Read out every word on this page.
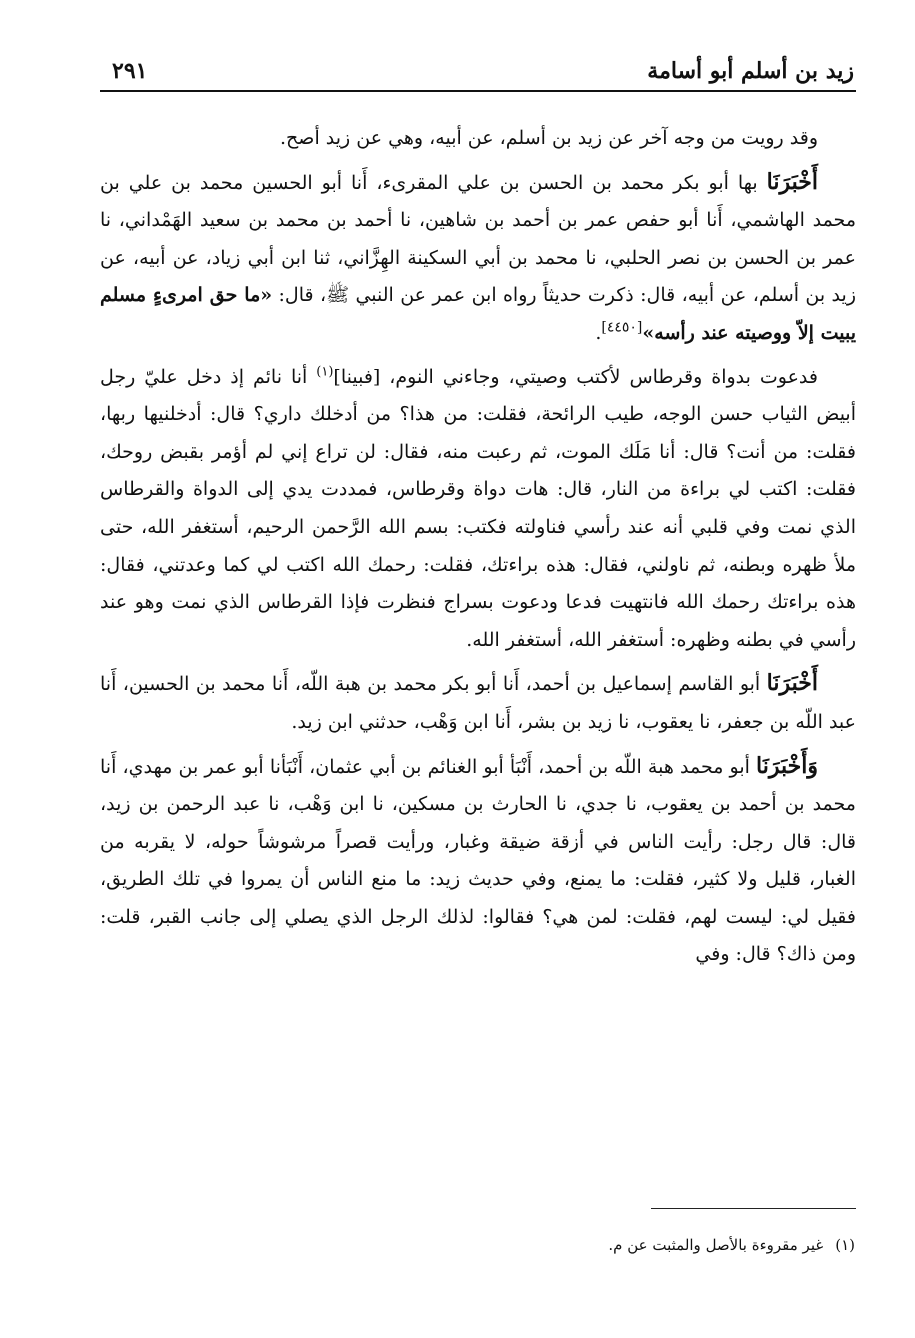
زيد بن أسلم أبو أسامة
٢٩١

وقد رويت من وجه آخر عن زيد بن أسلم، عن أبيه، وهي عن زيد أصح.

أَخْبَرَنَا بها أبو بكر محمد بن الحسن بن علي المقرىء، أَنا أبو الحسين محمد بن علي بن محمد الهاشمي، أَنا أبو حفص عمر بن أحمد بن شاهين، نا أحمد بن محمد بن سعيد الهَمْداني، نا عمر بن الحسن بن نصر الحلبي، نا محمد بن أبي السكينة الهِزَّاني، ثنا ابن أبي زياد، عن أبيه، عن زيد بن أسلم، عن أبيه، قال: ذكرت حديثاً رواه ابن عمر عن النبي ﷺ، قال: «ما حق امرىءٍ مسلم يبيت إلاّ ووصيته عند رأسه»[٤٤٥٠].

فدعوت بدواة وقرطاس لأكتب وصيتي، وجاءني النوم، [فبينا]$^{(١)}$ أنا نائم إذ دخل عليّ رجل أبيض الثياب حسن الوجه، طيب الرائحة، فقلت: من هذا؟ من أدخلك داري؟ قال: أدخلنيها ربها، فقلت: من أنت؟ قال: أنا مَلَك الموت، ثم رعبت منه، فقال: لن تراع إني لم أؤمر بقبض روحك، فقلت: اكتب لي براءة من النار، قال: هات دواة وقرطاس، فمددت يدي إلى الدواة والقرطاس الذي نمت وفي قلبي أنه عند رأسي فناولته فكتب: بسم الله الرَّحمن الرحيم، أستغفر الله، حتى ملأ ظهره وبطنه، ثم ناولني، فقال: هذه براءتك، فقلت: رحمك الله اكتب لي كما وعدتني، فقال: هذه براءتك رحمك الله فانتهيت فدعا ودعوت بسراج فنظرت فإذا القرطاس الذي نمت وهو عند رأسي في بطنه وظهره: أستغفر الله، أستغفر الله.

أَخْبَرَنَا أبو القاسم إسماعيل بن أحمد، أَنا أبو بكر محمد بن هبة اللّه، أَنا محمد بن الحسين، أَنا عبد اللّه بن جعفر، نا يعقوب، نا زيد بن بشر، أَنا ابن وَهْب، حدثني ابن زيد.

وَأَخْبَرَنَا أبو محمد هبة اللّه بن أحمد، أَنْبَأ أبو الغنائم بن أبي عثمان، أَنْبَأنا أبو عمر بن مهدي، أَنا محمد بن أحمد بن يعقوب، نا جدي، نا الحارث بن مسكين، نا ابن وَهْب، نا عبد الرحمن بن زيد، قال: قال رجل: رأيت الناس في أزقة ضيقة وغبار، ورأيت قصراً مرشوشاً حوله، لا يقربه من الغبار، قليل ولا كثير، فقلت: ما يمنع، وفي حديث زيد: ما منع الناس أن يمروا في تلك الطريق، فقيل لي: ليست لهم، فقلت: لمن هي؟ فقالوا: لذلك الرجل الذي يصلي إلى جانب القبر، قلت: ومن ذاك؟ قال: وفي

(١)غير مقروءة بالأصل والمثبت عن م.
